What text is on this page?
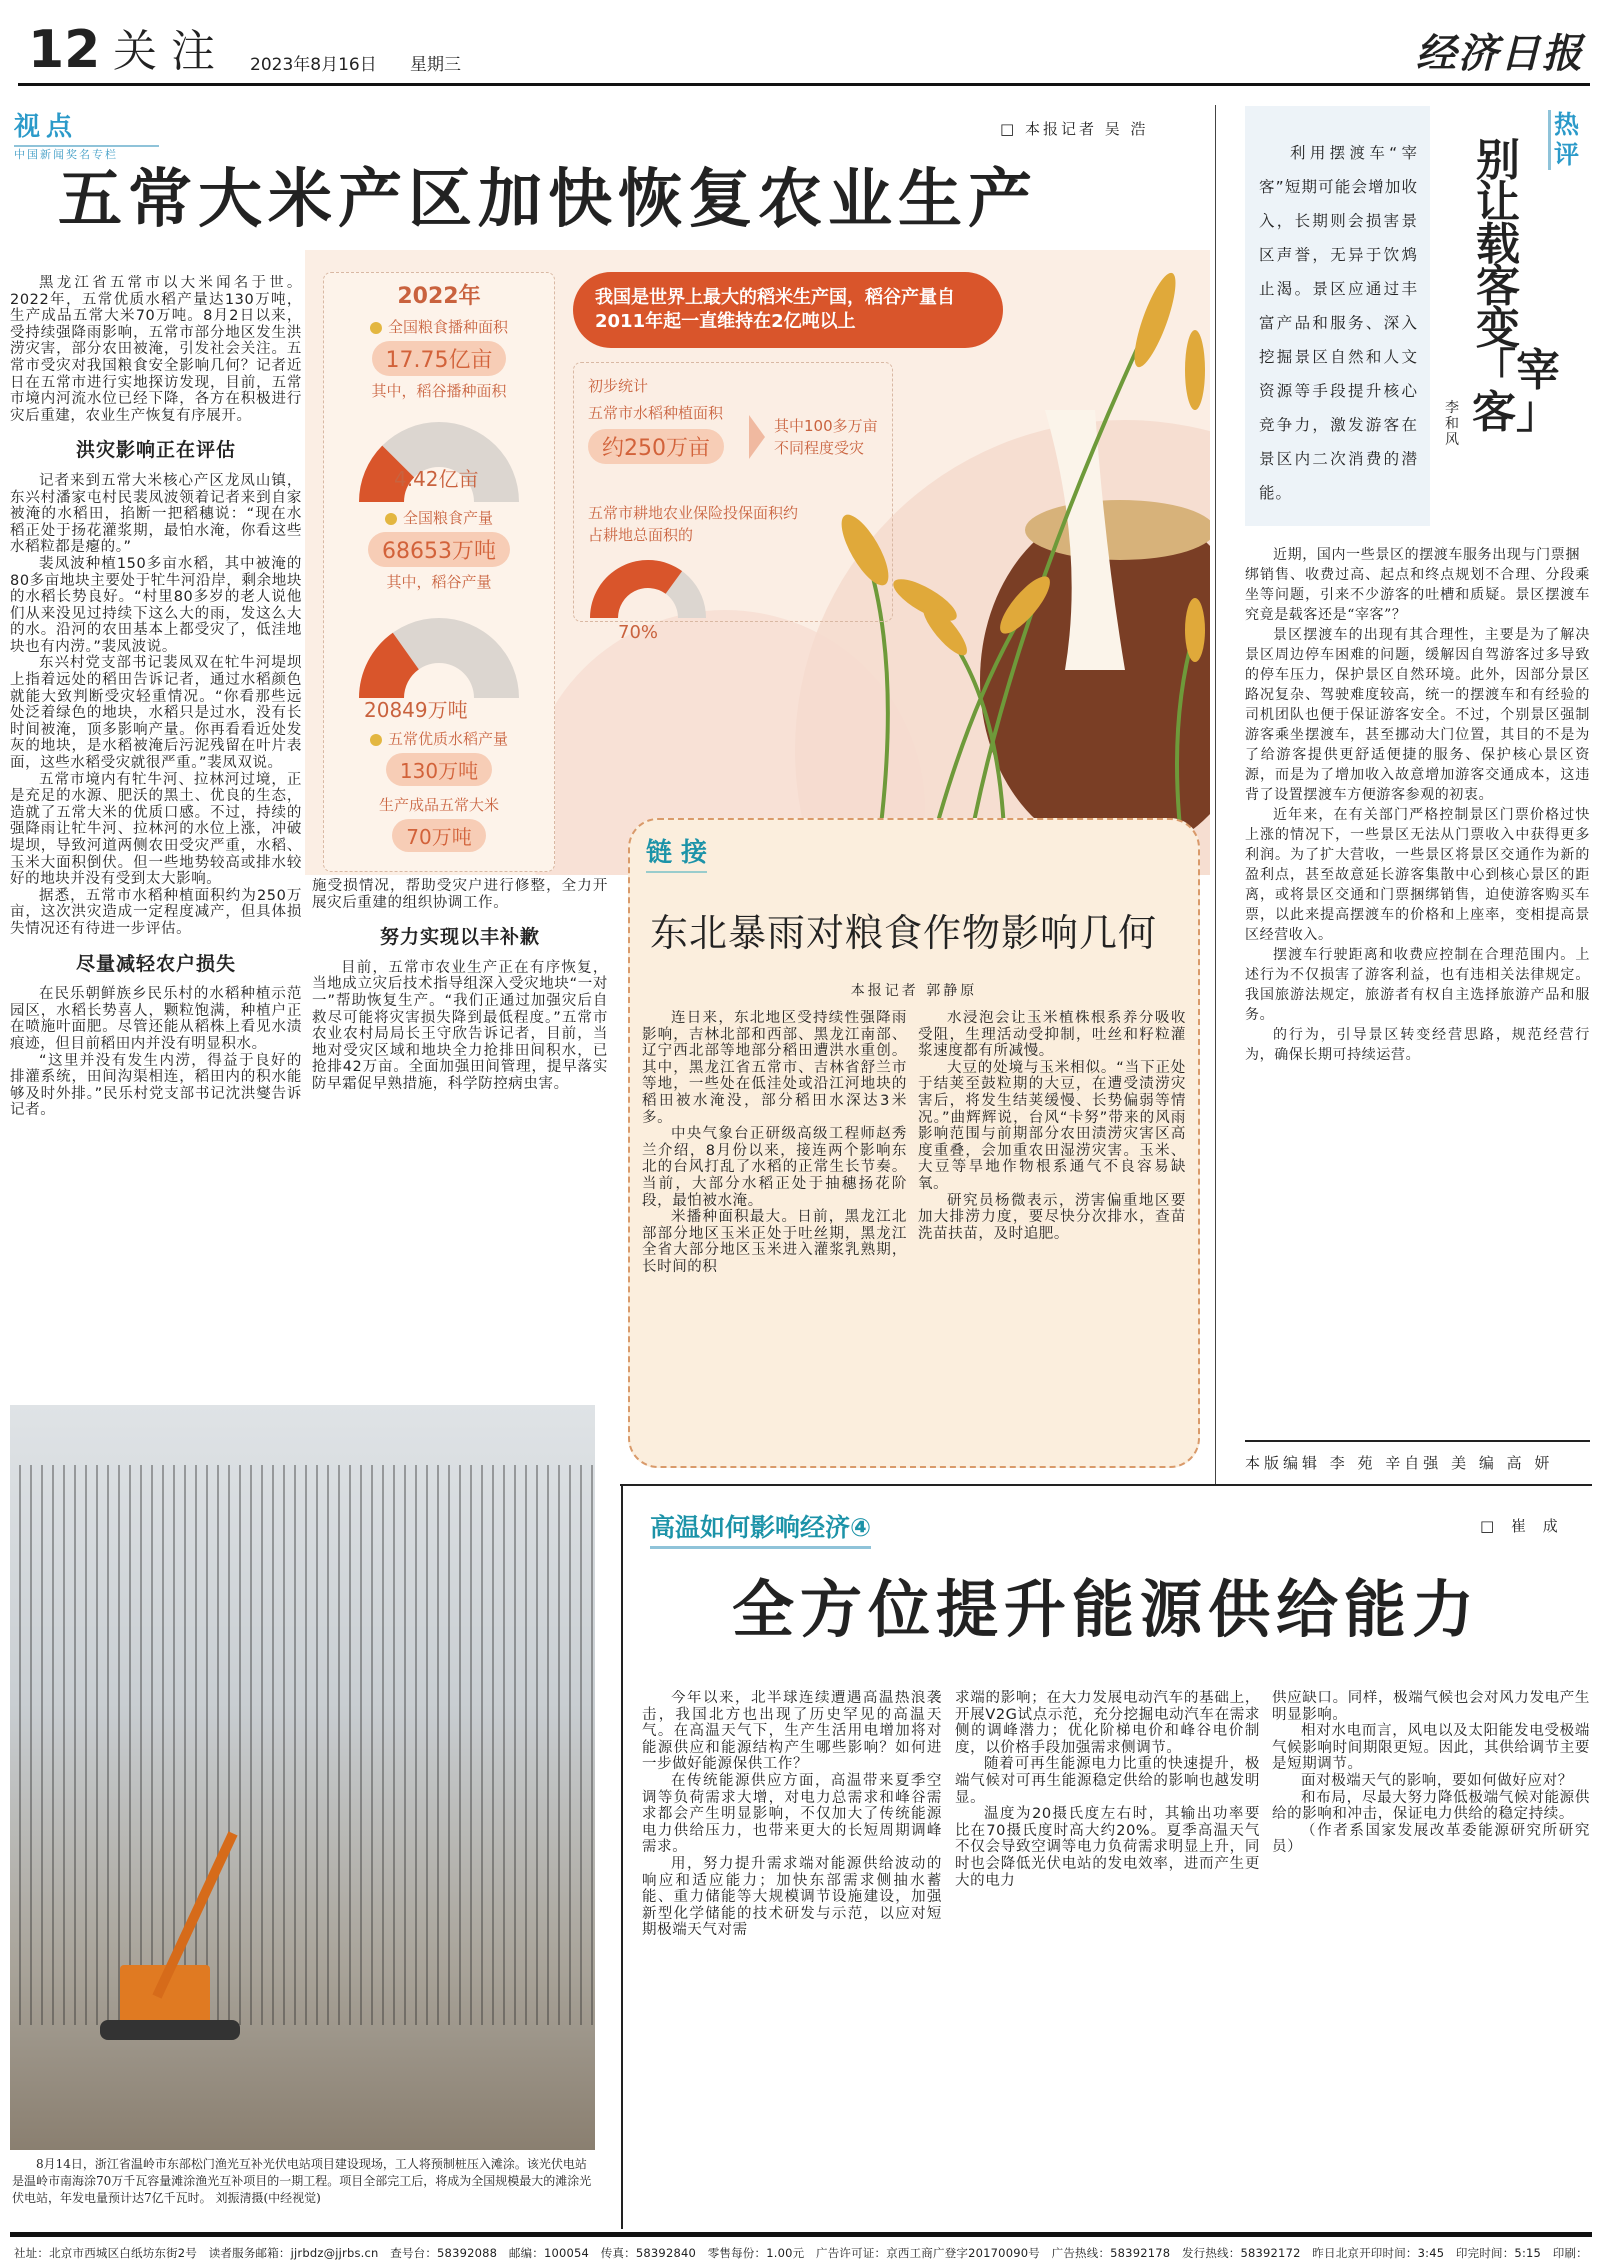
12 关注 2023年8月16日 星期三	经济日报
视点
中国新闻奖名专栏
□ 本报记者 吴 浩
五常大米产区加快恢复农业生产

黑龙江省五常市以大米闻名于世。2022年，五常优质水稻产量达130万吨，生产成品五常大米70万吨。8月2日以来，受持续强降雨影响，五常市部分地区发生洪涝灾害，部分农田被淹，引发社会关注。五常市受灾对我国粮食安全影响几何？记者近日在五常市进行实地探访发现，目前，五常市境内河流水位已经下降，各方在积极进行灾后重建，农业生产恢复有序展开。

洪灾影响正在评估

记者来到五常大米核心产区龙凤山镇，东兴村潘家屯村民裴凤波领着记者来到自家被淹的水稻田，掐断一把稻穗说：“现在水稻正处于扬花灌浆期，最怕水淹，你看这些水稻粒都是瘪的。”

裴凤波种植150多亩水稻，其中被淹的80多亩地块主要处于牤牛河沿岸，剩余地块的水稻长势良好。“村里80多岁的老人说他们从来没见过持续下这么大的雨，发这么大的水。沿河的农田基本上都受灾了，低洼地块也有内涝。”裴凤波说。

东兴村党支部书记裴凤双在牤牛河堤坝上指着远处的稻田告诉记者，通过水稻颜色就能大致判断受灾轻重情况。“你看那些远处泛着绿色的地块，水稻只是过水，没有长时间被淹，顶多影响产量。你再看看近处发灰的地块，是水稻被淹后污泥残留在叶片表面，这些水稻受灾就很严重。”裴凤双说。

五常市境内有牤牛河、拉林河过境，正是充足的水源、肥沃的黑土、优良的生态，造就了五常大米的优质口感。不过，持续的强降雨让牤牛河、拉林河的水位上涨，冲破堤坝，导致河道两侧农田受灾严重，水稻、玉米大面积倒伏。但一些地势较高或排水较好的地块并没有受到太大影响。

据悉，五常市水稻种植面积约为250万亩，这次洪灾造成一定程度减产，但具体损失情况还有待进一步评估。

尽量减轻农户损失

在民乐朝鲜族乡民乐村的水稻种植示范园区，水稻长势喜人，颗粒饱满，种植户正在喷施叶面肥。尽管还能从稻株上看见水渍痕迹，但目前稻田内并没有明显积水。

“这里并没有发生内涝，得益于良好的排灌系统，田间沟渠相连，稻田内的积水能够及时外排。”民乐村党支部书记沈洪燮告诉记者。

施受损情况，帮助受灾户进行修整，全力开展灾后重建的组织协调工作。

努力实现以丰补歉

目前，五常市农业生产正在有序恢复，当地成立灾后技术指导组深入受灾地块“一对一”帮助恢复生产。“我们正通过加强灾后自救尽可能将灾害损失降到最低程度。”五常市农业农村局局长王守欣告诉记者，目前，当地对受灾区域和地块全力抢排田间积水，已抢排42万亩。全面加强田间管理，提早落实防早霜促早熟措施，科学防控病虫害。

2022年
全国粮食播种面积
17.75亿亩
其中，稻谷播种面积
4.42亿亩
全国粮食产量
68653万吨
其中，稻谷产量
20849万吨
五常优质水稻产量
130万吨
生产成品五常大米
70万吨
我国是世界上最大的稻米生产国，稻谷产量自2011年起一直维持在2亿吨以上
初步统计
五常市水稻种植面积
约250万亩
其中100多万亩不同程度受灾
五常市耕地农业保险投保面积约占耕地总面积的
70%
链 接
东北暴雨对粮食作物影响几何
本报记者 郭静原

连日来，东北地区受持续性强降雨影响，吉林北部和西部、黑龙江南部、辽宁西北部等地部分稻田遭洪水重创。其中，黑龙江省五常市、吉林省舒兰市等地，一些处在低洼处或沿江河地块的稻田被水淹没，部分稻田水深达3米多。

中央气象台正研级高级工程师赵秀兰介绍，8月份以来，接连两个影响东北的台风打乱了水稻的正常生长节奏。当前，大部分水稻正处于抽穗扬花阶段，最怕被水淹。

米播种面积最大。日前，黑龙江北部部分地区玉米正处于吐丝期，黑龙江全省大部分地区玉米进入灌浆乳熟期，长时间的积

水浸泡会让玉米植株根系养分吸收受阻，生理活动受抑制，吐丝和籽粒灌浆速度都有所减慢。

大豆的处境与玉米相似。“当下正处于结荚至鼓粒期的大豆，在遭受渍涝灾害后，将发生结荚缓慢、长势偏弱等情况。”曲辉辉说，台风“卡努”带来的风雨影响范围与前期部分农田渍涝灾害区高度重叠，会加重农田湿涝灾害。玉米、大豆等旱地作物根系通气不良容易缺氧。

研究员杨微表示，涝害偏重地区要加大排涝力度，要尽快分次排水，查苗洗苗扶苗，及时追肥。

利用摆渡车“宰客”短期可能会增加收入，长期则会损害景区声誉，无异于饮鸩止渴。景区应通过丰富产品和服务、深入挖掘景区自然和人文资源等手段提升核心竞争力，激发游客在景区内二次消费的潜能。
热评
别让载客变「宰客」
李和风

近期，国内一些景区的摆渡车服务出现与门票捆绑销售、收费过高、起点和终点规划不合理、分段乘坐等问题，引来不少游客的吐槽和质疑。景区摆渡车究竟是载客还是“宰客”？

景区摆渡车的出现有其合理性，主要是为了解决景区周边停车困难的问题，缓解因自驾游客过多导致的停车压力，保护景区自然环境。此外，因部分景区路况复杂、驾驶难度较高，统一的摆渡车和有经验的司机团队也便于保证游客安全。不过，个别景区强制游客乘坐摆渡车，甚至挪动大门位置，其目的不是为了给游客提供更舒适便捷的服务、保护核心景区资源，而是为了增加收入故意增加游客交通成本，这违背了设置摆渡车方便游客参观的初衷。

近年来，在有关部门严格控制景区门票价格过快上涨的情况下，一些景区无法从门票收入中获得更多利润。为了扩大营收，一些景区将景区交通作为新的盈利点，甚至故意延长游客集散中心到核心景区的距离，或将景区交通和门票捆绑销售，迫使游客购买车票，以此来提高摆渡车的价格和上座率，变相提高景区经营收入。

摆渡车行驶距离和收费应控制在合理范围内。上述行为不仅损害了游客利益，也有违相关法律规定。我国旅游法规定，旅游者有权自主选择旅游产品和服务。

的行为，引导景区转变经营思路，规范经营行为，确保长期可持续运营。

本版编辑 李 苑 辛自强 美 编 高 妍
高温如何影响经济④	□ 崔 成
全方位提升能源供给能力

今年以来，北半球连续遭遇高温热浪袭击，我国北方也出现了历史罕见的高温天气。在高温天气下，生产生活用电增加将对能源供应和能源结构产生哪些影响？如何进一步做好能源保供工作？

在传统能源供应方面，高温带来夏季空调等负荷需求大增，对电力总需求和峰谷需求都会产生明显影响，不仅加大了传统能源电力供给压力，也带来更大的长短周期调峰需求。

用，努力提升需求端对能源供给波动的响应和适应能力；加快东部需求侧抽水蓄能、重力储能等大规模调节设施建设，加强新型化学储能的技术研发与示范，以应对短期极端天气对需

求端的影响；在大力发展电动汽车的基础上，开展V2G试点示范，充分挖掘电动汽车在需求侧的调峰潜力；优化阶梯电价和峰谷电价制度，以价格手段加强需求侧调节。

随着可再生能源电力比重的快速提升，极端气候对可再生能源稳定供给的影响也越发明显。

温度为20摄氏度左右时，其输出功率要比在70摄氏度时高大约20%。夏季高温天气不仅会导致空调等电力负荷需求明显上升，同时也会降低光伏电站的发电效率，进而产生更大的电力

供应缺口。同样，极端气候也会对风力发电产生明显影响。

相对水电而言，风电以及太阳能发电受极端气候影响时间期限更短。因此，其供给调节主要是短期调节。

面对极端天气的影响，要如何做好应对？

和布局，尽最大努力降低极端气候对能源供给的影响和冲击，保证电力供给的稳定持续。

（作者系国家发展改革委能源研究所研究员）

8月14日，浙江省温岭市东部松门渔光互补光伏电站项目建设现场，工人将预制桩压入滩涂。该光伏电站是温岭市南海涂70万千瓦容量滩涂渔光互补项目的一期工程。项目全部完工后，将成为全国规模最大的滩涂光伏电站，年发电量预计达7亿千瓦时。 刘振清摄(中经视觉)
社址：北京市西城区白纸坊东街2号　读者服务邮箱：jjrbdz@jjrbs.cn　查号台：58392088　邮编：100054　传真：58392840　零售每份：1.00元　广告许可证：京西工商广登字20170090号　广告热线：58392178　发行热线：58392172　昨日北京开印时间：3:45　印完时间：5:15　印刷：
